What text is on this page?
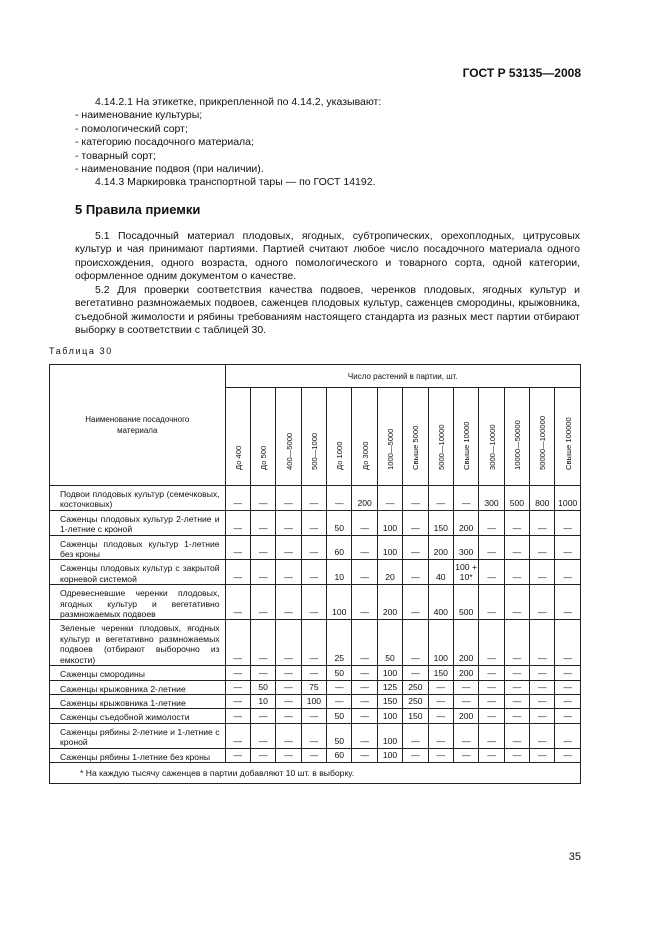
ГОСТ Р 53135—2008
4.14.2.1 На этикетке, прикрепленной по 4.14.2, указывают:
- наименование культуры;
- помологический сорт;
- категорию посадочного материала;
- товарный сорт;
- наименование подвоя (при наличии).
4.14.3 Маркировка транспортной тары — по ГОСТ 14192.
5 Правила приемки
5.1 Посадочный материал плодовых, ягодных, субтропических, орехоплодных, цитрусовых культур и чая принимают партиями. Партией считают любое число посадочного материала одного происхождения, одного возраста, одного помологического и товарного сорта, одной категории, оформленное одним документом о качестве.
5.2 Для проверки соответствия качества подвоев, черенков плодовых, ягодных культур и вегетативно размножаемых подвоев, саженцев плодовых культур, саженцев смородины, крыжовника, съедобной жимолости и рябины требованиям настоящего стандарта из разных мест партии отбирают выборку в соответствии с таблицей 30.
Таблица 30
Наименование посадочного материала	Число растений в партии, шт.													

	До 400	До 500	400—5000	500—1000	До 1000	До 3000	1000—5000	Свыше 5000	5000—10000	Свыше 10000	3000—10000	10000—50000	50000—100000	Свыше 100000

Подвои плодовых культур (семечковых, косточковых)	—	—	—	—	—	200	—	—	—	—	300	500	800	1000
Саженцы плодовых культур 2-летние и 1-летние с кроной	—	—	—	—	50	—	100	—	150	200	—	—	—	—
Саженцы плодовых культур 1-летние без кроны	—	—	—	—	60	—	100	—	200	300	—	—	—	—
Саженцы плодовых культур с закрытой корневой системой	—	—	—	—	10	—	20	—	40	100 + 10*	—	—	—	—
Одревесневшие черенки плодовых, ягодных культур и вегетативно размножаемых подвоев	—	—	—	—	100	—	200	—	400	500	—	—	—	—
Зеленые черенки плодовых, ягодных культур и вегетативно размножаемых подвоев (отбирают выборочно из емкости)	—	—	—	—	25	—	50	—	100	200	—	—	—	—
Саженцы смородины	—	—	—	—	50	—	100	—	150	200	—	—	—	—
Саженцы крыжовника 2-летние	—	50	—	75	—	—	125	250	—	—	—	—	—	—
Саженцы крыжовника 1-летние	—	10	—	100	—	—	150	250	—	—	—	—	—	—
Саженцы съедобной жимолости	—	—	—	—	50	—	100	150	—	200	—	—	—	—
Саженцы рябины 2-летние и 1-летние с кроной	—	—	—	—	50	—	100	—	—	—	—	—	—	—
Саженцы рябины 1-летние без кроны	—	—	—	—	60	—	100	—	—	—	—	—	—	—
* На каждую тысячу саженцев в партии добавляют 10 шт. в выборку.														
35
